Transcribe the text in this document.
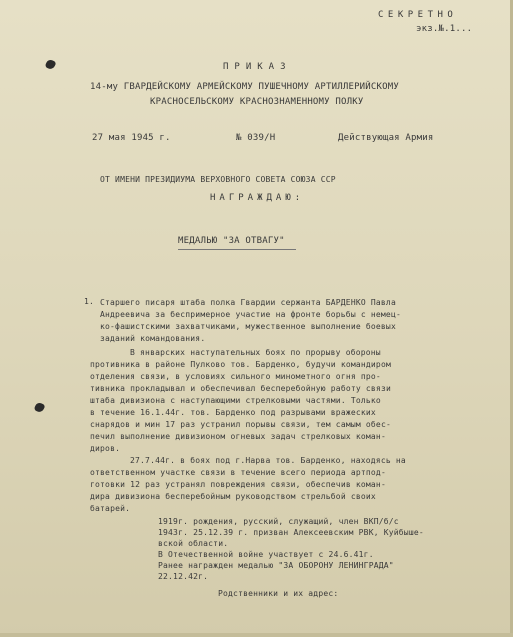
СЕКРЕТНО
экз.№.1...
ПРИКАЗ
14-му ГВАРДЕЙСКОМУ АРМЕЙСКОМУ ПУШЕЧНОМУ АРТИЛЛЕРИЙСКОМУ
КРАСНОСЕЛЬСКОМУ КРАСНОЗНАМЕННОМУ ПОЛКУ
27 мая 1945 г.	№ 039/Н	Действующая Армия
ОТ ИМЕНИ ПРЕЗИДИУМА ВЕРХОВНОГО СОВЕТА СОЮЗА ССР
НАГРАЖДАЮ:
МЕДАЛЬЮ "ЗА ОТВАГУ"
1. Старшего писаря штаба полка Гвардии сержанта БАРДЕНКО Павла

Андреевича за беспримерное участие на фронте борьбы с немец-

ко-фашистскими захватчиками, мужественное выполнение боевых

заданий командования.

В январских наступательных боях по прорыву обороны

противника в районе Пулково тов. Барденко, будучи командиром

отделения связи, в условиях сильного минометного огня про-

тивника прокладывал и обеспечивал бесперебойную работу связи

штаба дивизиона с наступающими стрелковыми частями. Только

в течение 16.1.44г. тов. Барденко под разрывами вражеских

снарядов и мин 17 раз устранил порывы связи, тем самым обес-

печил выполнение дивизионом огневых задач стрелковых коман-

диров.

27.7.44г. в боях под г.Нарва тов. Барденко, находясь на

ответственном участке связи в течение всего периода артпод-

готовки 12 раз устранял повреждения связи, обеспечив коман-

дира дивизиона бесперебойным руководством стрельбой своих

батарей.

1919г. рождения, русский, служащий, член ВКП/б/с

1943г. 25.12.39 г. призван Алексеевским РВК, Куйбыше-

вской области.

В Отечественной войне участвует с 24.6.41г.

Ранее награжден медалью "ЗА ОБОРОНУ ЛЕНИНГРАДА"

22.12.42г.

Родственники и их адрес:
